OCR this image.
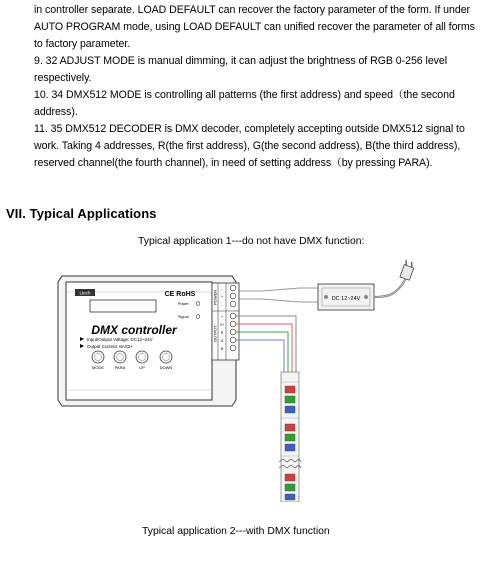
in controller separate. LOAD DEFAULT can recover the factory parameter of the form. If under AUTO PROGRAM mode, using LOAD DEFAULT can unified recover the parameter of all forms to factory parameter.
9. 32 ADJUST MODE is manual dimming, it can adjust the brightness of RGB 0-256 level respectively.
10. 34 DMX512 MODE is controlling all patterns (the first address) and speed（the second address).
11. 35 DMX512 DECODER is DMX decoder, completely accepting outside DMX512 signal to work. Taking 4 addresses, R(the first address), G(the second address), B(the third address), reserved channel(the fourth channel), in need of setting address（by pressing PARA).
VII. Typical Applications
Typical application 1---do not have DMX function:
DC 12~24V
Ltech	CE RoHS
Power
Signal
DMX controller
Input/Output Voltage: DC12~24V
Output Current: 8A/CH
MODE	PARA	UP	DOWN
POWER
OUTPUT
-
+
-
+
V+
R
G
B
Typical application 2---with DMX function
